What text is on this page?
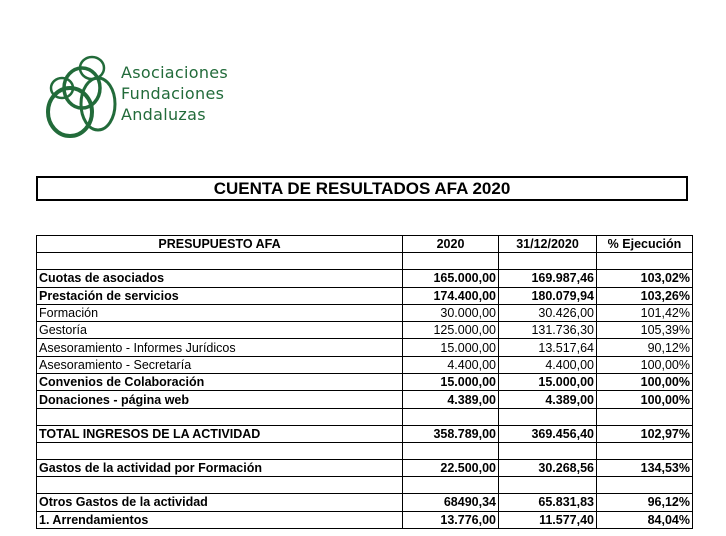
Asociaciones
Fundaciones
Andaluzas
CUENTA DE RESULTADOS AFA 2020
PRESUPUESTO AFA	2020	31/12/2020	% Ejecución

Cuotas de asociados	165.000,00	169.987,46	103,02%
Prestación de servicios	174.400,00	180.079,94	103,26%
Formación	30.000,00	30.426,00	101,42%
Gestoría	125.000,00	131.736,30	105,39%
Asesoramiento - Informes Jurídicos	15.000,00	13.517,64	90,12%
Asesoramiento - Secretaría	4.400,00	4.400,00	100,00%
Convenios de Colaboración	15.000,00	15.000,00	100,00%
Donaciones - página web	4.389,00	4.389,00	100,00%

TOTAL INGRESOS DE LA ACTIVIDAD	358.789,00	369.456,40	102,97%

Gastos de la actividad por Formación	22.500,00	30.268,56	134,53%

Otros Gastos de la actividad	68490,34	65.831,83	96,12%
1. Arrendamientos	13.776,00	11.577,40	84,04%
